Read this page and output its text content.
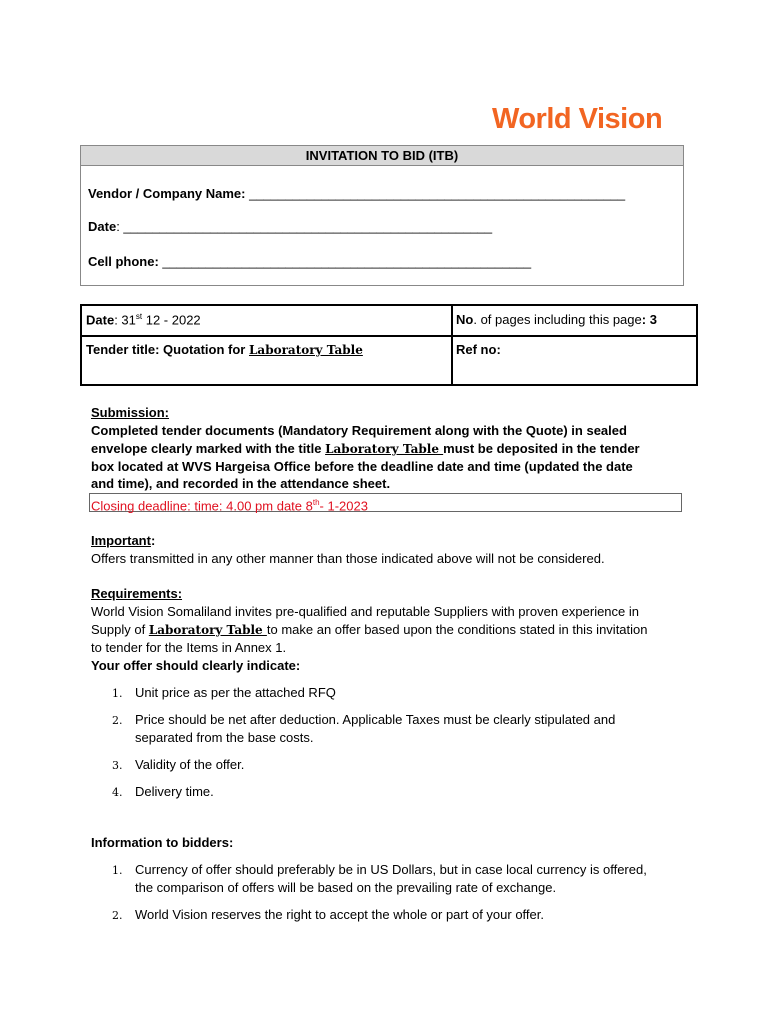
World Vision
INVITATION TO BID (ITB)
Vendor / Company Name: ____________________________________________________
Date: ___________________________________________________
Cell phone: ___________________________________________________
Date: 31st 12 - 2022	No. of pages including this page: 3
Tender title: Quotation for Laboratory Table	Ref no:
Submission:
Completed tender documents (Mandatory Requirement along with the Quote) in sealed
envelope clearly marked with the title Laboratory Table must be deposited in the tender
box located at WVS Hargeisa Office before the deadline date and time (updated the date
and time), and recorded in the attendance sheet.
Closing deadline: time: 4.00 pm date 8th- 1-2023
Important:
Offers transmitted in any other manner than those indicated above will not be considered.
Requirements:
World Vision Somaliland invites pre-qualified and reputable Suppliers with proven experience in
Supply of Laboratory Table to make an offer based upon the conditions stated in this invitation
to tender for the Items in Annex 1.
Your offer should clearly indicate:
1. Unit price as per the attached RFQ
2. Price should be net after deduction. Applicable Taxes must be clearly stipulated and
separated from the base costs.
3. Validity of the offer.
4. Delivery time.
Information to bidders:
1. Currency of offer should preferably be in US Dollars, but in case local currency is offered,
the comparison of offers will be based on the prevailing rate of exchange.
2. World Vision reserves the right to accept the whole or part of your offer.
